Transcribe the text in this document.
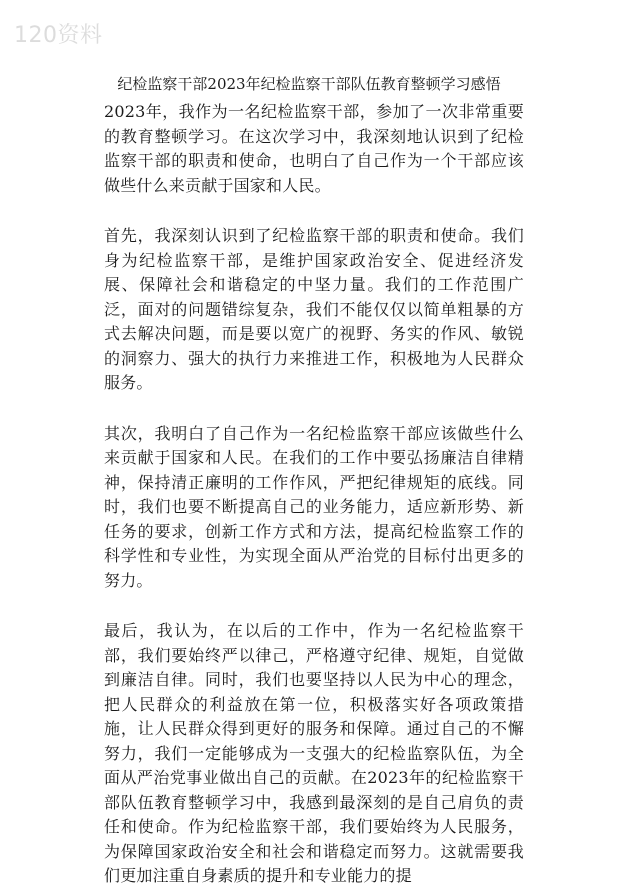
120资料
纪检监察干部2023年纪检监察干部队伍教育整顿学习感悟

2023年，我作为一名纪检监察干部，参加了一次非常重要的教育整顿学习。在这次学习中，我深刻地认识到了纪检监察干部的职责和使命，也明白了自己作为一个干部应该做些什么来贡献于国家和人民。

首先，我深刻认识到了纪检监察干部的职责和使命。我们身为纪检监察干部，是维护国家政治安全、促进经济发展、保障社会和谐稳定的中坚力量。我们的工作范围广泛，面对的问题错综复杂，我们不能仅仅以简单粗暴的方式去解决问题，而是要以宽广的视野、务实的作风、敏锐的洞察力、强大的执行力来推进工作，积极地为人民群众服务。

其次，我明白了自己作为一名纪检监察干部应该做些什么来贡献于国家和人民。在我们的工作中要弘扬廉洁自律精神，保持清正廉明的工作作风，严把纪律规矩的底线。同时，我们也要不断提高自己的业务能力，适应新形势、新任务的要求，创新工作方式和方法，提高纪检监察工作的科学性和专业性，为实现全面从严治党的目标付出更多的努力。

最后，我认为，在以后的工作中，作为一名纪检监察干部，我们要始终严以律己，严格遵守纪律、规矩，自觉做到廉洁自律。同时，我们也要坚持以人民为中心的理念，把人民群众的利益放在第一位，积极落实好各项政策措施，让人民群众得到更好的服务和保障。通过自己的不懈努力，我们一定能够成为一支强大的纪检监察队伍，为全面从严治党事业做出自己的贡献。在2023年的纪检监察干部队伍教育整顿学习中，我感到最深刻的是自己肩负的责任和使命。作为纪检监察干部，我们要始终为人民服务，为保障国家政治安全和社会和谐稳定而努力。这就需要我们更加注重自身素质的提升和专业能力的提
